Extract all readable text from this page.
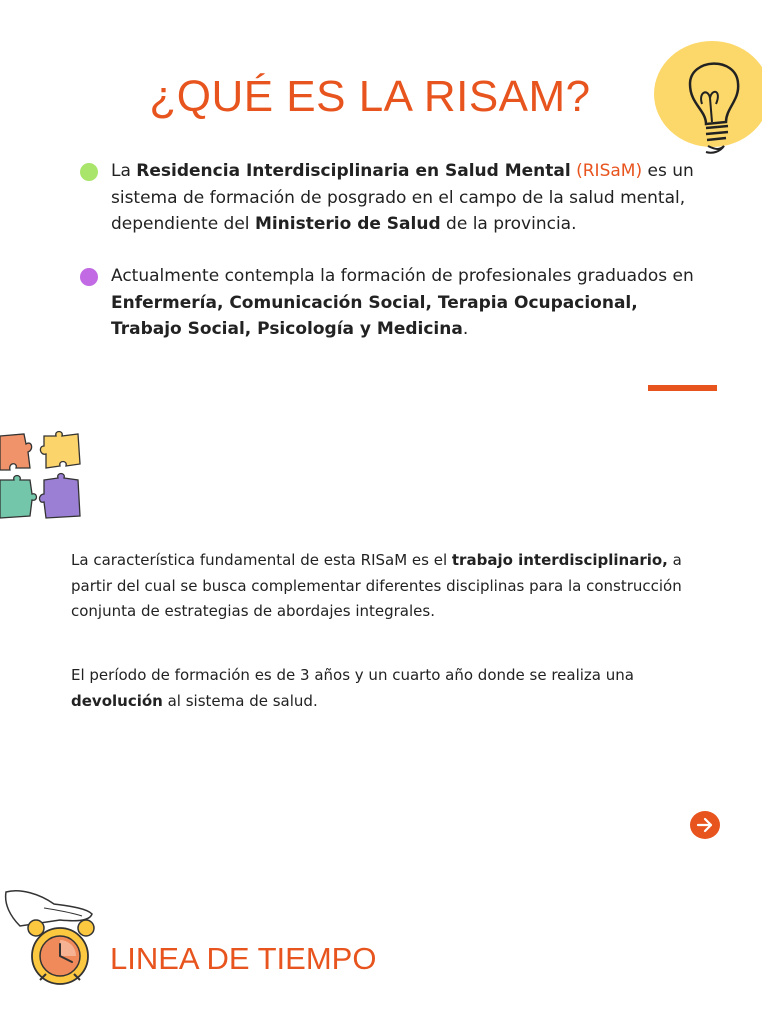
¿QUÉ ES LA RISAM?
La Residencia Interdisciplinaria en Salud Mental (RISaM) es un sistema de formación de posgrado en el campo de la salud mental, dependiente del Ministerio de Salud de la provincia.
Actualmente contempla la formación de profesionales graduados en Enfermería, Comunicación Social, Terapia Ocupacional, Trabajo Social, Psicología y Medicina.
La característica fundamental de esta RISaM es el trabajo interdisciplinario, a partir del cual se busca complementar diferentes disciplinas para la construcción conjunta de estrategias de abordajes integrales.
El período de formación es de 3 años y un cuarto año donde se realiza una devolución al sistema de salud.
LINEA DE TIEMPO
